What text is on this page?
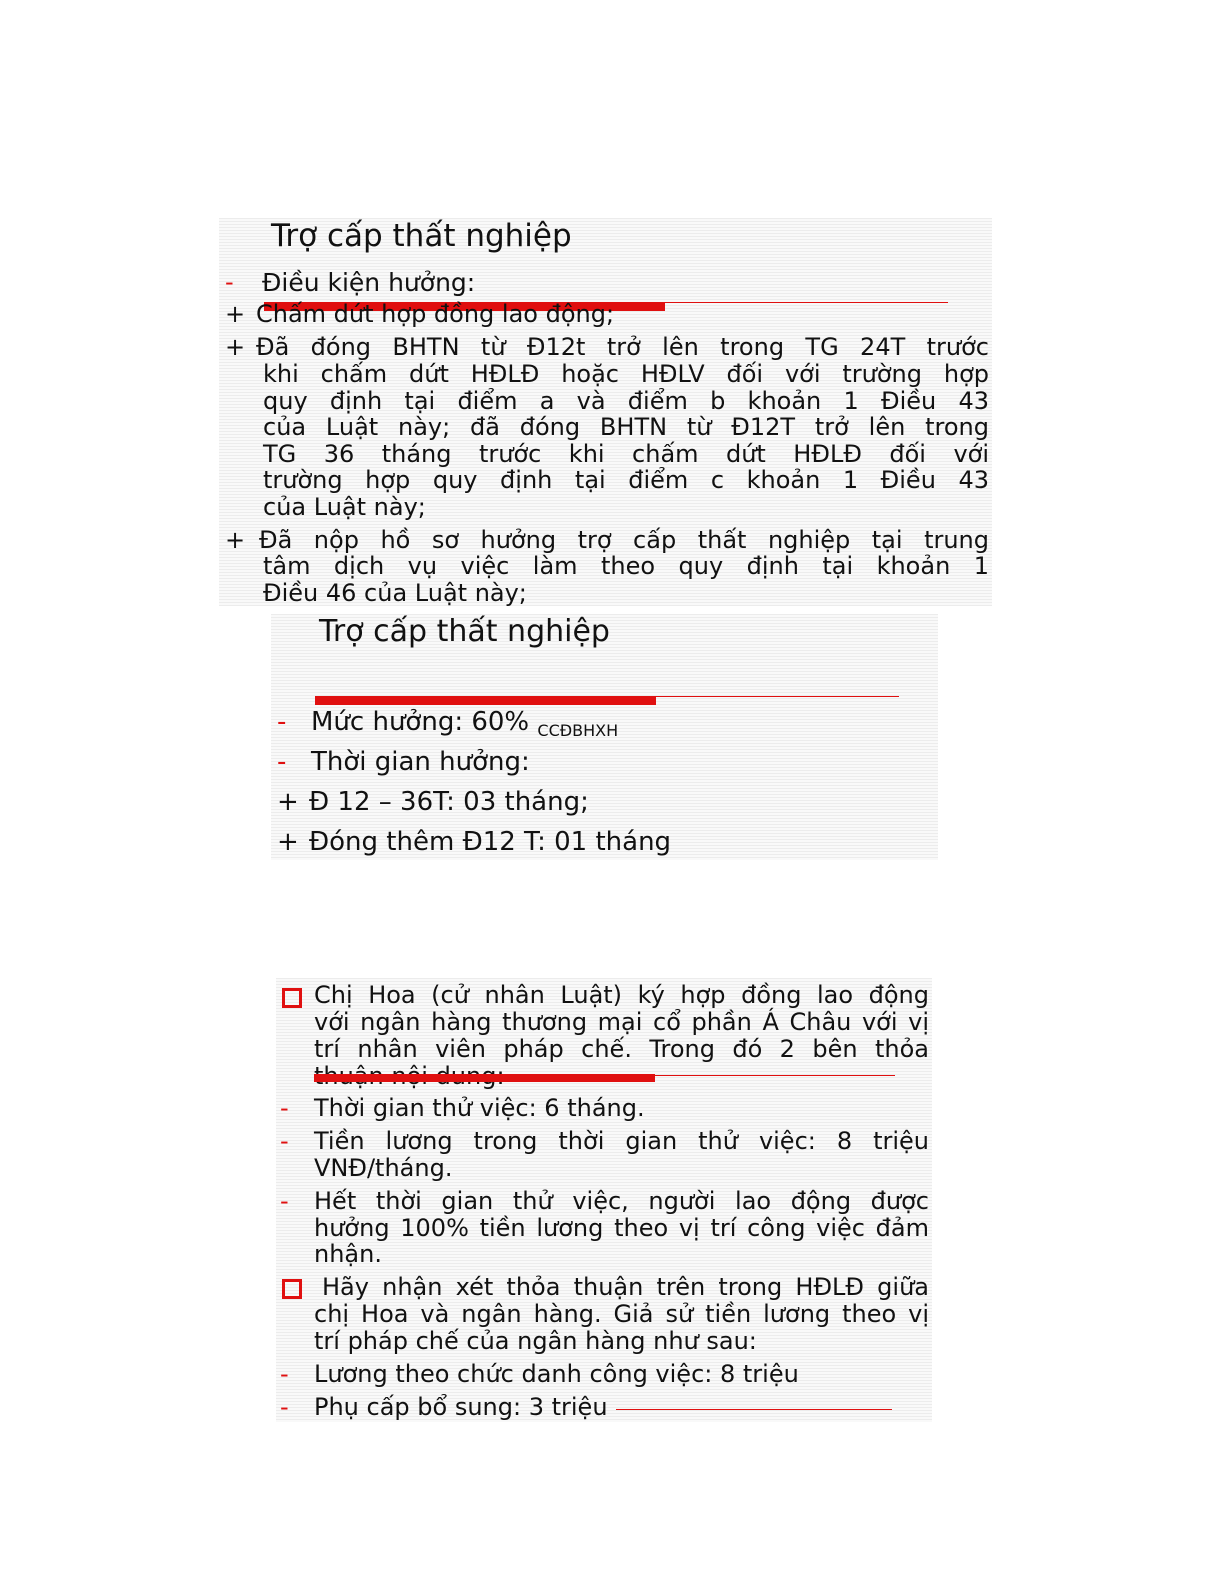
Trợ cấp thất nghiệp
- Điều kiện hưởng:
+ Chấm dứt hợp đồng lao động;
+ Đã đóng BHTN từ Đ12t trở lên trong TG 24T trước
khi chấm dứt HĐLĐ hoặc HĐLV đối với trường hợp
quy định tại điểm a và điểm b khoản 1 Điều 43
của Luật này; đã đóng BHTN từ Đ12T trở lên trong
TG 36 tháng trước khi chấm dứt HĐLĐ đối với
trường hợp quy định tại điểm c khoản 1 Điều 43
của Luật này;
+ Đã nộp hồ sơ hưởng trợ cấp thất nghiệp tại trung
tâm dịch vụ việc làm theo quy định tại khoản 1
Điều 46 của Luật này;
Trợ cấp thất nghiệp
- Mức hưởng: 60% $_{CCĐBHXH}$
- Thời gian hưởng:
+ Đ 12 – 36T: 03 tháng;
+ Đóng thêm Đ12 T: 01 tháng
Chị Hoa (cử nhân Luật) ký hợp đồng lao động
với ngân hàng thương mại cổ phần Á Châu với vị
trí nhân viên pháp chế. Trong đó 2 bên thỏa
- Thời gian thử việc: 6 tháng.
- Tiền lương trong thời gian thử việc: 8 triệu
VNĐ/tháng.
- Hết thời gian thử việc, người lao động được
hưởng 100% tiền lương theo vị trí công việc đảm
nhận.
Hãy nhận xét thỏa thuận trên trong HĐLĐ giữa
chị Hoa và ngân hàng. Giả sử tiền lương theo vị
trí pháp chế của ngân hàng như sau:
- Lương theo chức danh công việc: 8 triệu
- Phụ cấp bổ sung: 3 triệu
